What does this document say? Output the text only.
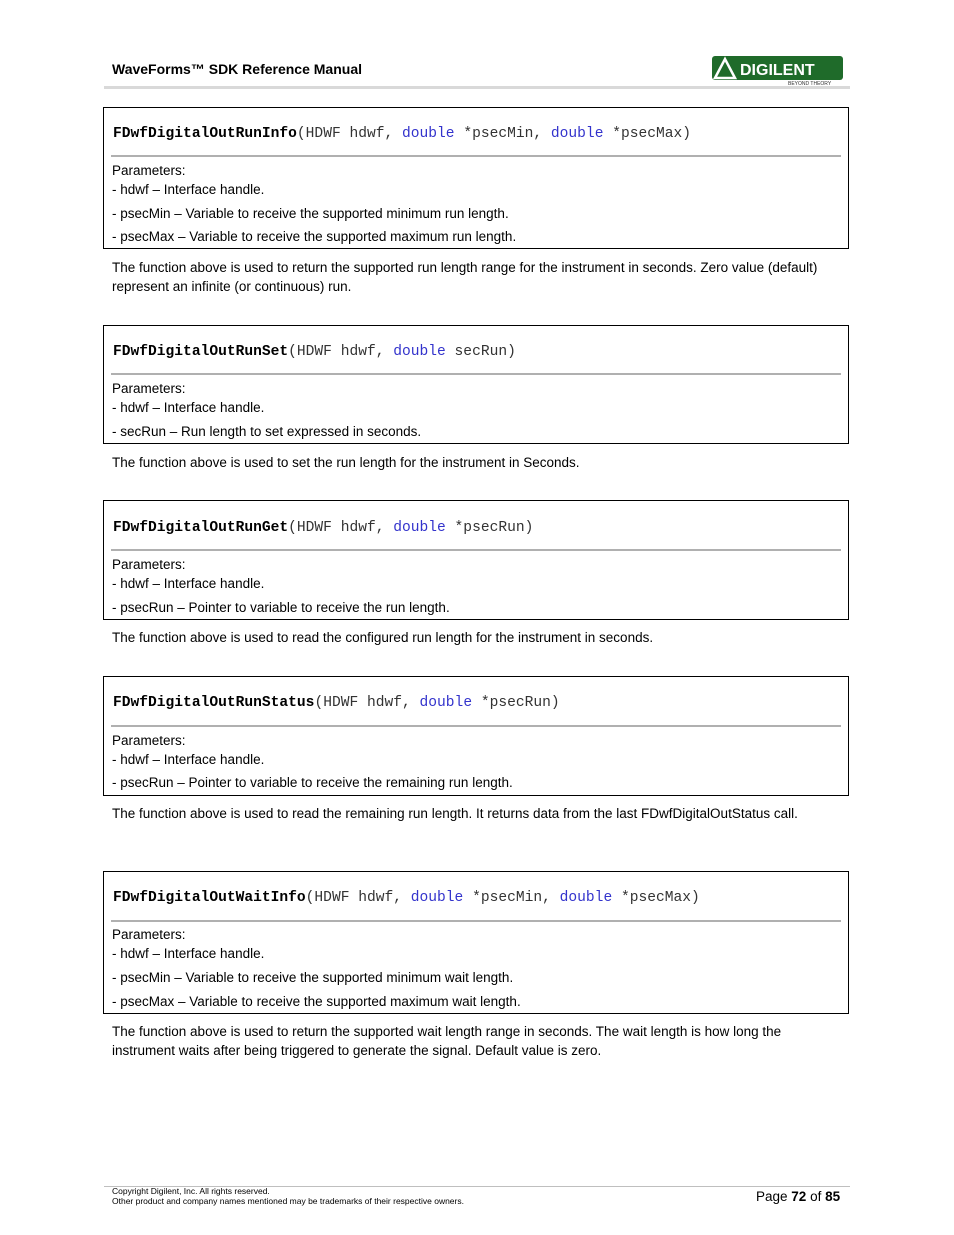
WaveForms™ SDK Reference Manual	DIGILENT
BEYOND THEORY
FDwfDigitalOutRunInfo(HDWF hdwf, double *psecMin, double *psecMax)
Parameters:
- hdwf – Interface handle.
- psecMin – Variable to receive the supported minimum run length.
- psecMax – Variable to receive the supported maximum run length.
The function above is used to return the supported run length range for the instrument in seconds. Zero value (default) represent an infinite (or continuous) run.
FDwfDigitalOutRunSet(HDWF hdwf, double secRun)
Parameters:
- hdwf – Interface handle.
- secRun – Run length to set expressed in seconds.
The function above is used to set the run length for the instrument in Seconds.
FDwfDigitalOutRunGet(HDWF hdwf, double *psecRun)
Parameters:
- hdwf – Interface handle.
- psecRun – Pointer to variable to receive the run length.
The function above is used to read the configured run length for the instrument in seconds.
FDwfDigitalOutRunStatus(HDWF hdwf, double *psecRun)
Parameters:
- hdwf – Interface handle.
- psecRun – Pointer to variable to receive the remaining run length.
The function above is used to read the remaining run length. It returns data from the last FDwfDigitalOutStatus call.
FDwfDigitalOutWaitInfo(HDWF hdwf, double *psecMin, double *psecMax)
Parameters:
- hdwf – Interface handle.
- psecMin – Variable to receive the supported minimum wait length.
- psecMax – Variable to receive the supported maximum wait length.
The function above is used to return the supported wait length range in seconds. The wait length is how long the instrument waits after being triggered to generate the signal. Default value is zero.
Copyright Digilent, Inc. All rights reserved.
Other product and company names mentioned may be trademarks of their respective owners.	Page 72 of 85
